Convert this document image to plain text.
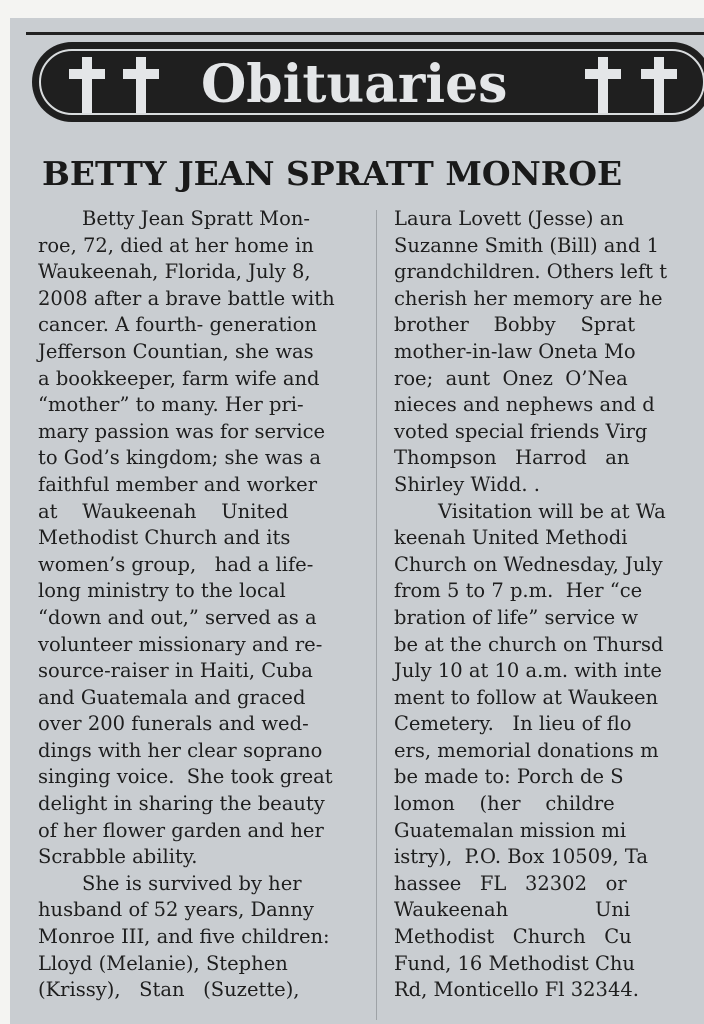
Obituaries
BETTY JEAN SPRATT MONROE
Betty Jean Spratt Mon-
roe, 72, died at her home in
Waukeenah, Florida, July 8,
2008 after a brave battle with
cancer. A fourth- generation
Jefferson Countian, she was
a bookkeeper, farm wife and
“mother” to many. Her pri-
mary passion was for service
to God’s kingdom; she was a
faithful member and worker
at    Waukeenah    United
Methodist Church and its
women’s group,   had a life-
long ministry to the local
“down and out,” served as a
volunteer missionary and re-
source-raiser in Haiti, Cuba
and Guatemala and graced
over 200 funerals and wed-
dings with her clear soprano
singing voice.  She took great
delight in sharing the beauty
of her flower garden and her
Scrabble ability.
She is survived by her
husband of 52 years, Danny
Monroe III, and five children:
Lloyd (Melanie), Stephen
(Krissy),   Stan   (Suzette),
Laura Lovett (Jesse) an
Suzanne Smith (Bill) and 1
grandchildren. Others left t
cherish her memory are he
brother    Bobby    Sprat
mother-in-law Oneta Mo
roe;  aunt  Onez  O’Nea
nieces and nephews and d
voted special friends Virg
Thompson   Harrod   an
Shirley Widd. .
Visitation will be at Wa
keenah United Methodi
Church on Wednesday, July
from 5 to 7 p.m.  Her “ce
bration of life” service w
be at the church on Thursd
July 10 at 10 a.m. with inte
ment to follow at Waukeen
Cemetery.   In lieu of flo
ers, memorial donations m
be made to: Porch de S
lomon    (her    childre
Guatemalan mission mi
istry),  P.O. Box 10509, Ta
hassee   FL   32302   or
Waukeenah              Uni
Methodist   Church   Cu
Fund, 16 Methodist Chu
Rd, Monticello Fl 32344.
